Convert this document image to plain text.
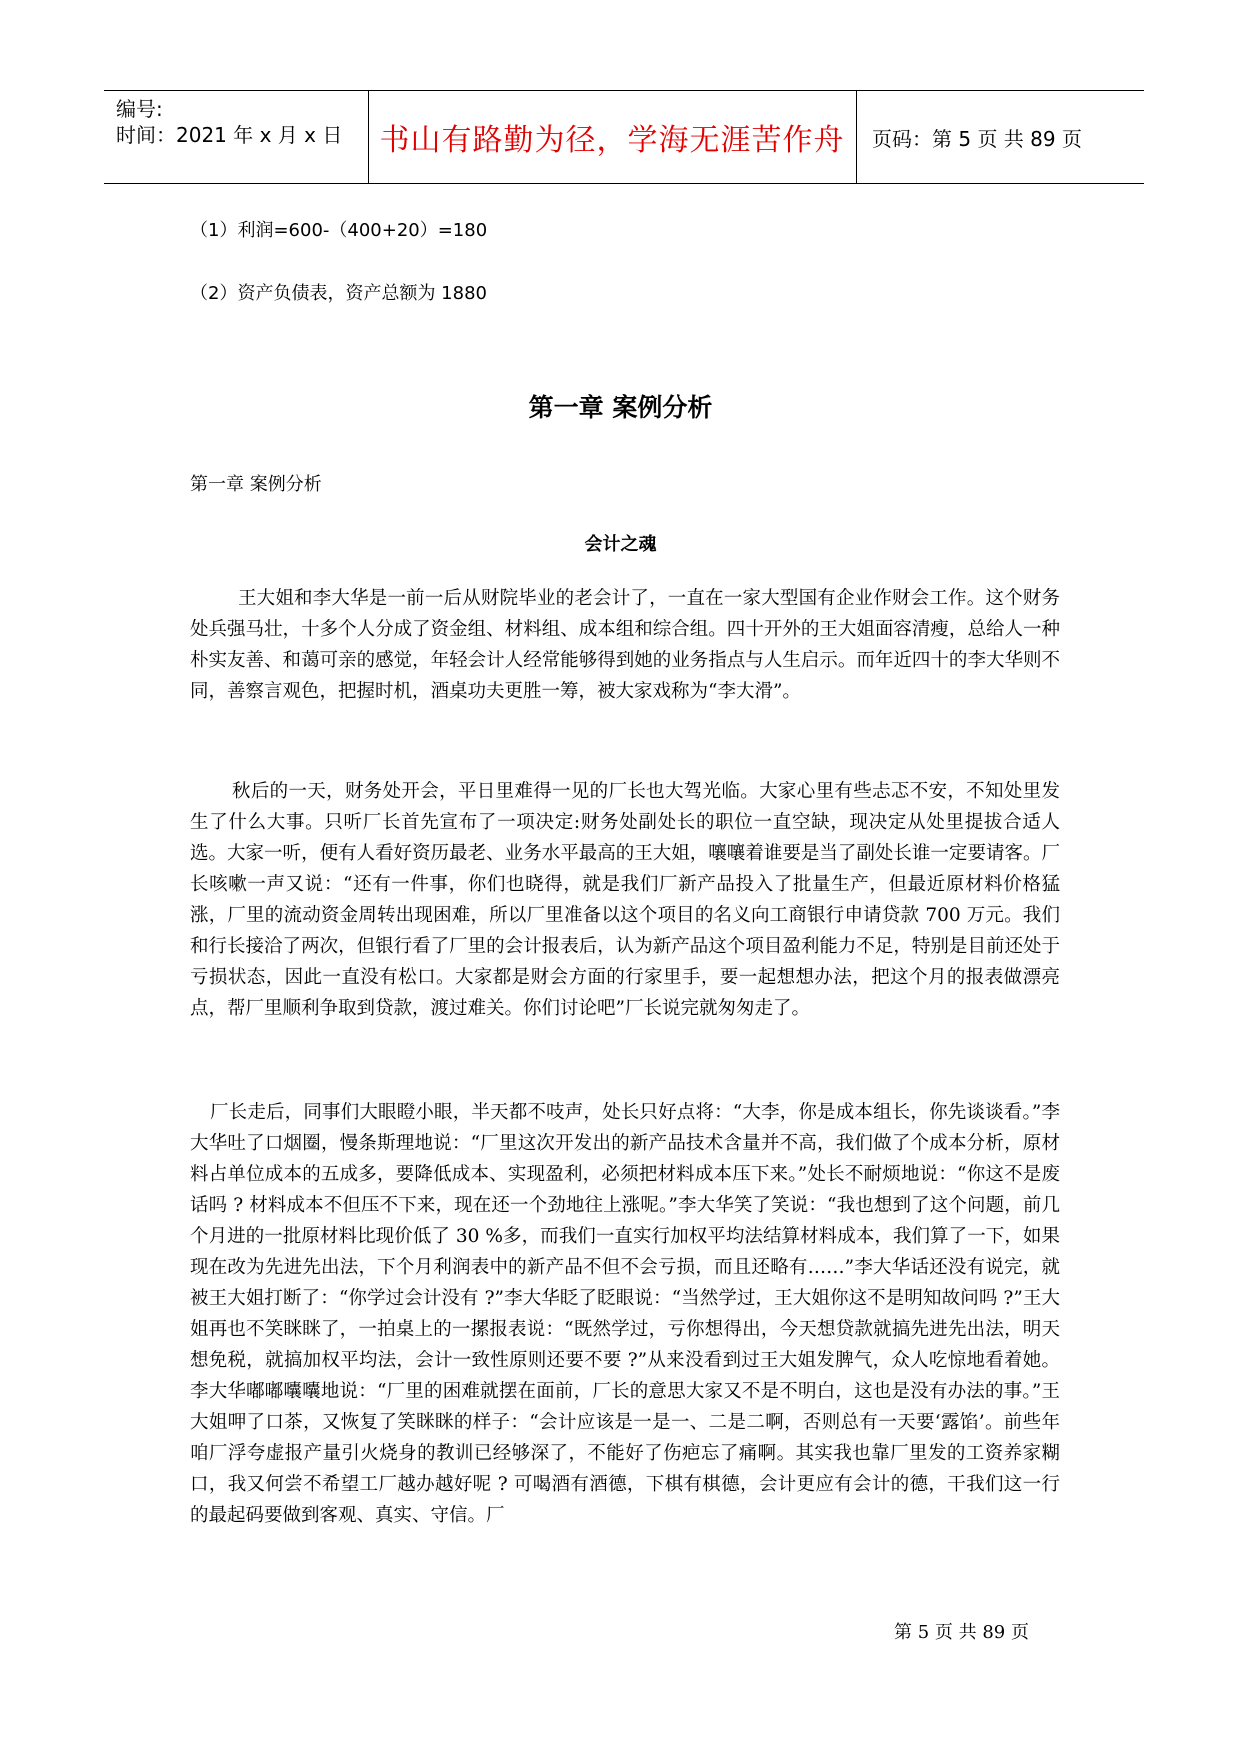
编号:
时间：2021 年 x 月 x 日 书山有路勤为径，学海无涯苦作舟 页码：第 5 页 共 89 页
（1）利润=600-（400+20）=180
（2）资产负债表，资产总额为 1880
第一章 案例分析
第一章 案例分析
会计之魂
王大姐和李大华是一前一后从财院毕业的老会计了，一直在一家大型国有企业作财会工作。这个财务处兵强马壮，十多个人分成了资金组、材料组、成本组和综合组。四十开外的王大姐面容清瘦，总给人一种朴实友善、和蔼可亲的感觉，年轻会计人经常能够得到她的业务指点与人生启示。而年近四十的李大华则不同，善察言观色，把握时机，酒桌功夫更胜一筹，被大家戏称为“李大滑”。
秋后的一天，财务处开会，平日里难得一见的厂长也大驾光临。大家心里有些忐忑不安，不知处里发生了什么大事。只听厂长首先宣布了一项决定:财务处副处长的职位一直空缺，现决定从处里提拔合适人选。大家一听，便有人看好资历最老、业务水平最高的王大姐，嚷嚷着谁要是当了副处长谁一定要请客。厂长咳嗽一声又说：“还有一件事，你们也晓得，就是我们厂新产品投入了批量生产，但最近原材料价格猛涨，厂里的流动资金周转出现困难，所以厂里准备以这个项目的名义向工商银行申请贷款 700 万元。我们和行长接洽了两次，但银行看了厂里的会计报表后，认为新产品这个项目盈利能力不足，特别是目前还处于亏损状态，因此一直没有松口。大家都是财会方面的行家里手，要一起想想办法，把这个月的报表做漂亮点，帮厂里顺利争取到贷款，渡过难关。你们讨论吧”厂长说完就匆匆走了。
厂长走后，同事们大眼瞪小眼，半天都不吱声，处长只好点将：“大李，你是成本组长，你先谈谈看。”李大华吐了口烟圈，慢条斯理地说：“厂里这次开发出的新产品技术含量并不高，我们做了个成本分析，原材料占单位成本的五成多，要降低成本、实现盈利，必须把材料成本压下来。”处长不耐烦地说：“你这不是废话吗 ? 材料成本不但压不下来，现在还一个劲地往上涨呢。”李大华笑了笑说：“我也想到了这个问题，前几个月进的一批原材料比现价低了 30 %多，而我们一直实行加权平均法结算材料成本，我们算了一下，如果现在改为先进先出法，下个月利润表中的新产品不但不会亏损，而且还略有……”李大华话还没有说完，就被王大姐打断了：“你学过会计没有 ?”李大华眨了眨眼说：“当然学过，王大姐你这不是明知故问吗 ?”王大姐再也不笑眯眯了，一拍桌上的一摞报表说：“既然学过，亏你想得出，今天想贷款就搞先进先出法，明天想免税，就搞加权平均法，会计一致性原则还要不要 ?”从来没看到过王大姐发脾气，众人吃惊地看着她。李大华嘟嘟囔囔地说：“厂里的困难就摆在面前，厂长的意思大家又不是不明白，这也是没有办法的事。”王大姐呷了口茶，又恢复了笑眯眯的样子：“会计应该是一是一、二是二啊，否则总有一天要‘露馅’。前些年咱厂浮夸虚报产量引火烧身的教训已经够深了，不能好了伤疤忘了痛啊。其实我也靠厂里发的工资养家糊口，我又何尝不希望工厂越办越好呢 ? 可喝酒有酒德，下棋有棋德，会计更应有会计的德，干我们这一行的最起码要做到客观、真实、守信。厂
第 5 页 共 89 页
